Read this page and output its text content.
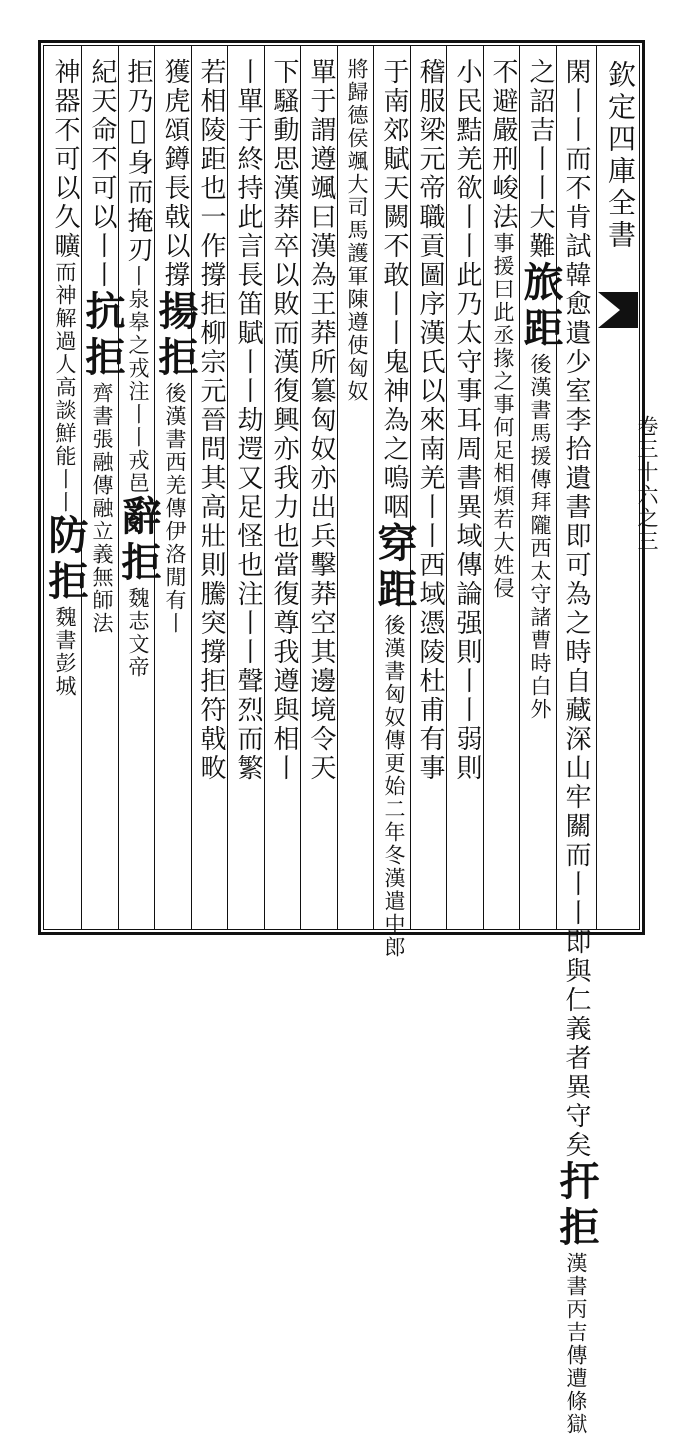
欽定四庫全書
卷三十六之三
閑丨丨而不肯試韓愈遺少室李拾遺書即可為之時自藏深山牢關而丨丨即與仁義者異守矣扞拒漢書丙吉傳遭條獄
之詔吉丨丨大難旅距後漢書馬援傳拜隴西太守諸曹時白外
不避嚴刑峻法事援曰此丞掾之事何足相煩若大姓侵
小民黠羌欲丨丨此乃太守事耳周書異域傳論强則丨丨弱則
稽服梁元帝職貢圖序漢氏以來南羌丨丨西域憑陵杜甫有事
于南郊賦天闕不敢丨丨鬼神為之嗚咽穿距後漢書匈奴傳更始二年冬漢遣中郎
將歸德侯颯大司馬護軍陳遵使匈奴
單于謂遵颯曰漢為王莽所簒匈奴亦出兵擊莽空其邊境令天
下騷動思漢莽卒以敗而漢復興亦我力也當復尊我遵與相丨
丨單于終持此言長笛賦丨丨劫遌又足怪也注丨丨聲烈而繁
若相陵距也一作撐拒柳宗元晉問其高壯則騰突撐拒符戟畋
獲虎頌鐏長戟以撐揚拒後漢書西羌傳伊洛閒有丨
拒乃𠣔身而掩刃丨泉皋之戎注丨丨戎邑辭拒魏志文帝
紀天命不可以丨丨抗拒齊書張融傳融立義無師法
神器不可以久曠而神解過人高談鮮能丨丨防拒魏書彭城
